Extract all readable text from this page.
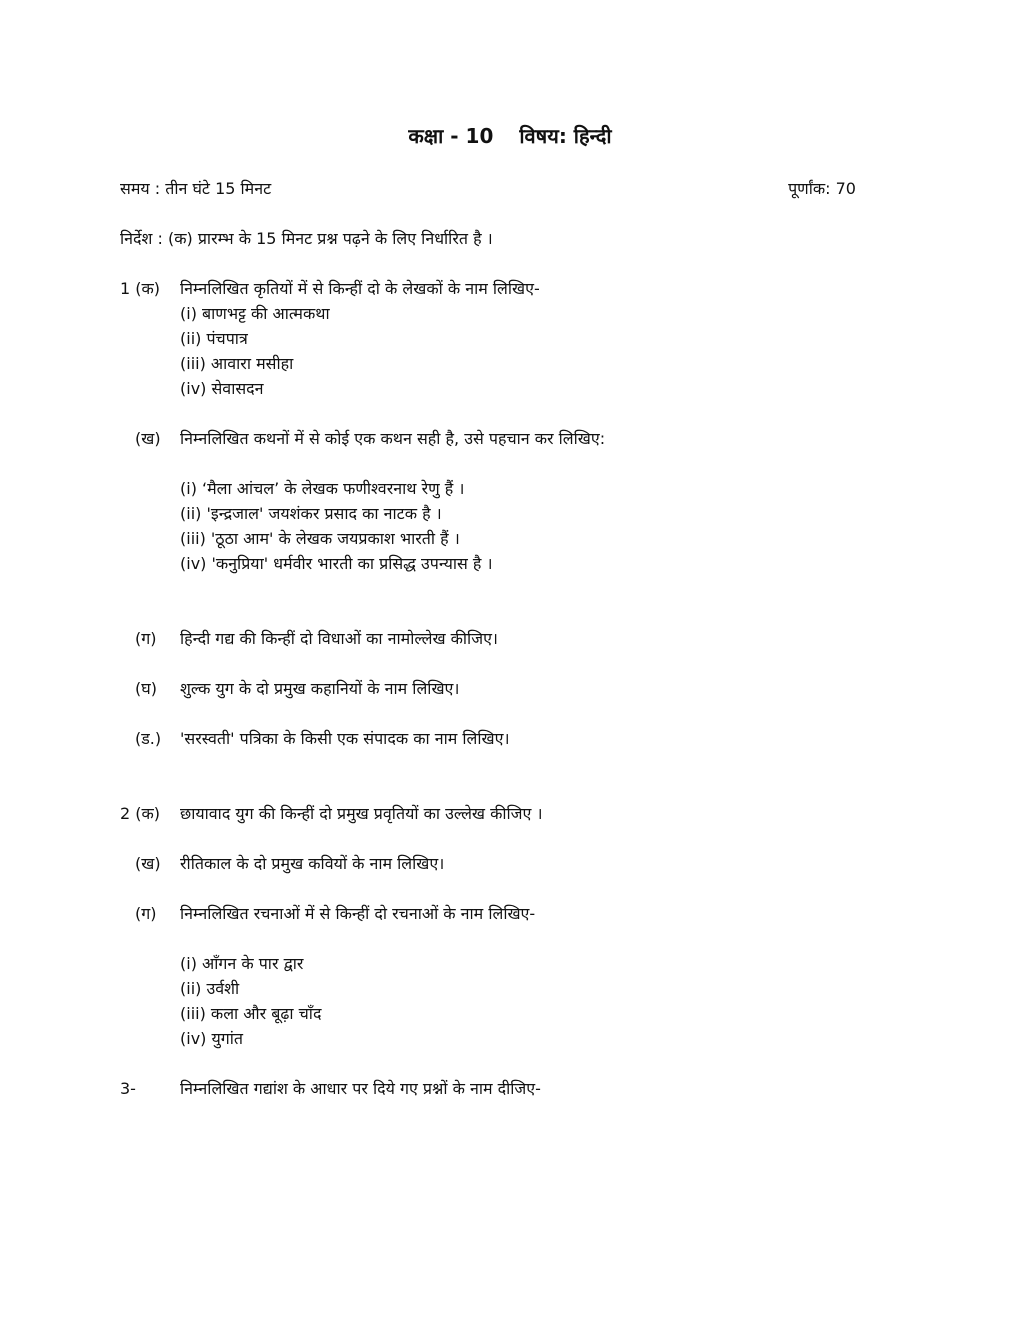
कक्षा - 10 विषय: हिन्दी
समय : तीन घंटे 15 मिनट	पूर्णांक: 70
निर्देश : (क) प्रारम्भ के 15 मिनट प्रश्न पढ़ने के लिए निर्धारित है ।
1 (क) निम्नलिखित कृतियों में से किन्हीं दो के लेखकों के नाम लिखिए-
(i) बाणभट्ट की आत्मकथा
(ii) पंचपात्र
(iii) आवारा मसीहा
(iv) सेवासदन
(ख) निम्नलिखित कथनों में से कोई एक कथन सही है, उसे पहचान कर लिखिए:
(i) ‘मैला आंचल’ के लेखक फणीश्वरनाथ रेणु हैं ।
(ii) 'इन्द्रजाल' जयशंकर प्रसाद का नाटक है ।
(iii) 'ठूठा आम' के लेखक जयप्रकाश भारती हैं ।
(iv) 'कनुप्रिया' धर्मवीर भारती का प्रसिद्ध उपन्यास है ।
(ग) हिन्दी गद्य की किन्हीं दो विधाओं का नामोल्लेख कीजिए।
(घ) शुल्क युग के दो प्रमुख कहानियों के नाम लिखिए।
(ड.) 'सरस्वती' पत्रिका के किसी एक संपादक का नाम लिखिए।
2 (क) छायावाद युग की किन्हीं दो प्रमुख प्रवृतियों का उल्लेख कीजिए ।
(ख) रीतिकाल के दो प्रमुख कवियों के नाम लिखिए।
(ग) निम्नलिखित रचनाओं में से किन्हीं दो रचनाओं के नाम लिखिए-
(i) आँगन के पार द्वार
(ii) उर्वशी
(iii) कला और बूढ़ा चाँद
(iv) युगांत
3-	निम्नलिखित गद्यांश के आधार पर दिये गए प्रश्नों के नाम दीजिए-
